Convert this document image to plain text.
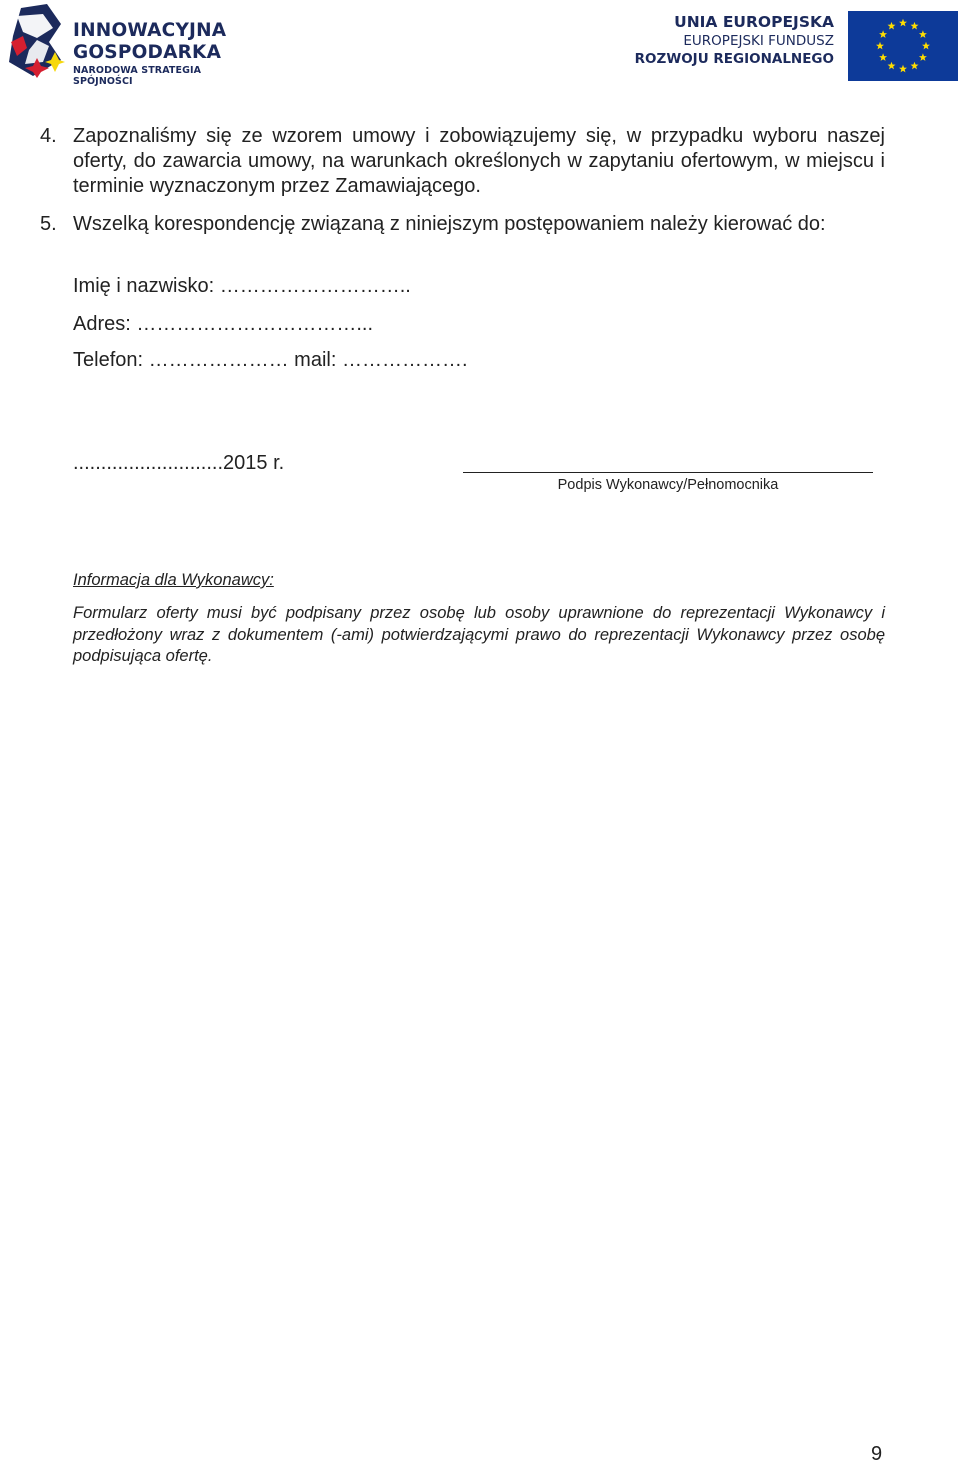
INNOWACYJNA
GOSPODARKA
NARODOWA STRATEGIA SPÓJNOŚCI
UNIA EUROPEJSKA
EUROPEJSKI FUNDUSZ
ROZWOJU REGIONALNEGO
4. Zapoznaliśmy się ze wzorem umowy i zobowiązujemy się, w przypadku wyboru naszej oferty, do zawarcia umowy, na warunkach określonych w zapytaniu ofertowym, w miejscu i terminie wyznaczonym przez Zamawiającego.
5. Wszelką korespondencję związaną z niniejszym postępowaniem należy kierować do:
Imię i nazwisko: ………………………..
Adres: ……………………………...
Telefon: ………………… mail: ……………….
...........................2015 r.
Podpis Wykonawcy/Pełnomocnika
Informacja dla Wykonawcy:
Formularz oferty musi być podpisany przez osobę lub osoby uprawnione do reprezentacji Wykonawcy i przedłożony wraz z dokumentem (-ami) potwierdzającymi prawo do reprezentacji Wykonawcy przez osobę podpisująca ofertę.
9
